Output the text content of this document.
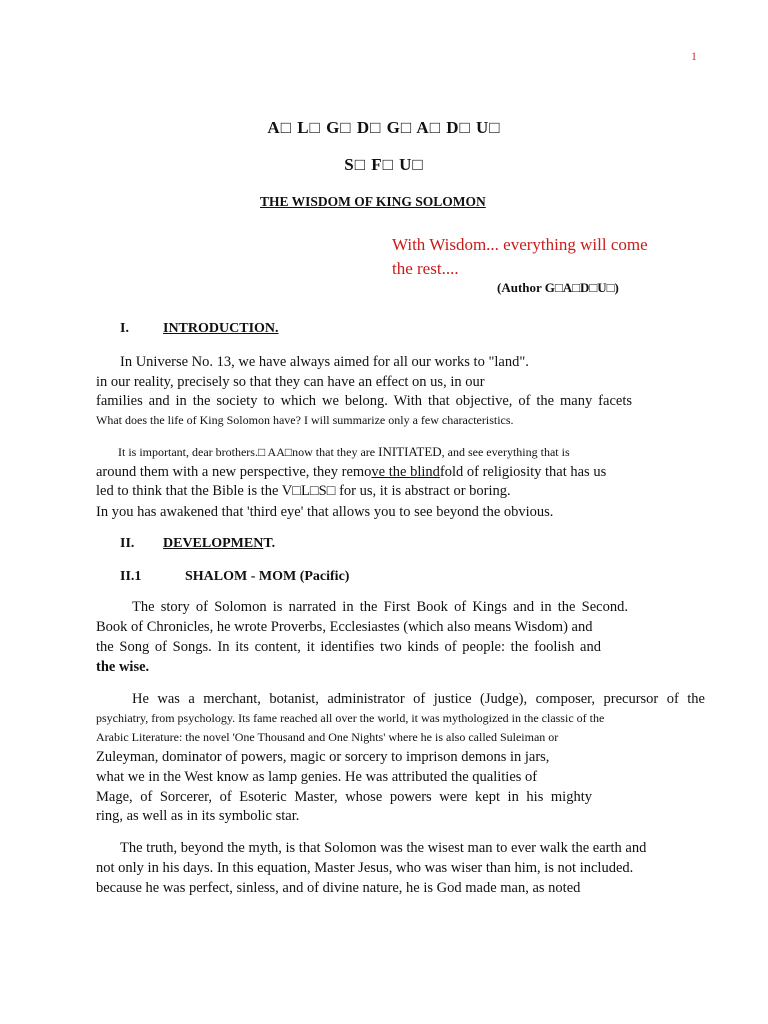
1
A□ L□ G□ D□ G□ A□ D□ U□
S□ F□ U□
THE WISDOM OF KING SOLOMON
With Wisdom... everything will come
the rest....
(Author G□A□D□U□)
I. INTRODUCTION.
In Universe No. 13, we have always aimed for all our works to "land".
in our reality, precisely so that they can have an effect on us, in our
families and in the society to which we belong. With that objective, of the many facets
What does the life of King Solomon have? I will summarize only a few characteristics.
It is important, dear brothers.□ AA□now that they are INITIATED, and see everything that is
around them with a new perspective, they remove the blindfold of religiosity that has us
led to think that the Bible is the V□L□S□ for us, it is abstract or boring.
In you has awakened that 'third eye' that allows you to see beyond the obvious.
II. DEVELOPMENT.
II.1	SHALOM - MOM (Pacific)
The story of Solomon is narrated in the First Book of Kings and in the Second.
Book of Chronicles, he wrote Proverbs, Ecclesiastes (which also means Wisdom) and
the Song of Songs. In its content, it identifies two kinds of people: the foolish and
the wise.
He was a merchant, botanist, administrator of justice (Judge), composer, precursor of the
psychiatry, from psychology. Its fame reached all over the world, it was mythologized in the classic of the
Arabic Literature: the novel 'One Thousand and One Nights' where he is also called Suleiman or
Zuleyman, dominator of powers, magic or sorcery to imprison demons in jars,
what we in the West know as lamp genies. He was attributed the qualities of
Mage, of Sorcerer, of Esoteric Master, whose powers were kept in his mighty
ring, as well as in its symbolic star.
The truth, beyond the myth, is that Solomon was the wisest man to ever walk the earth and
not only in his days. In this equation, Master Jesus, who was wiser than him, is not included.
because he was perfect, sinless, and of divine nature, he is God made man, as noted
